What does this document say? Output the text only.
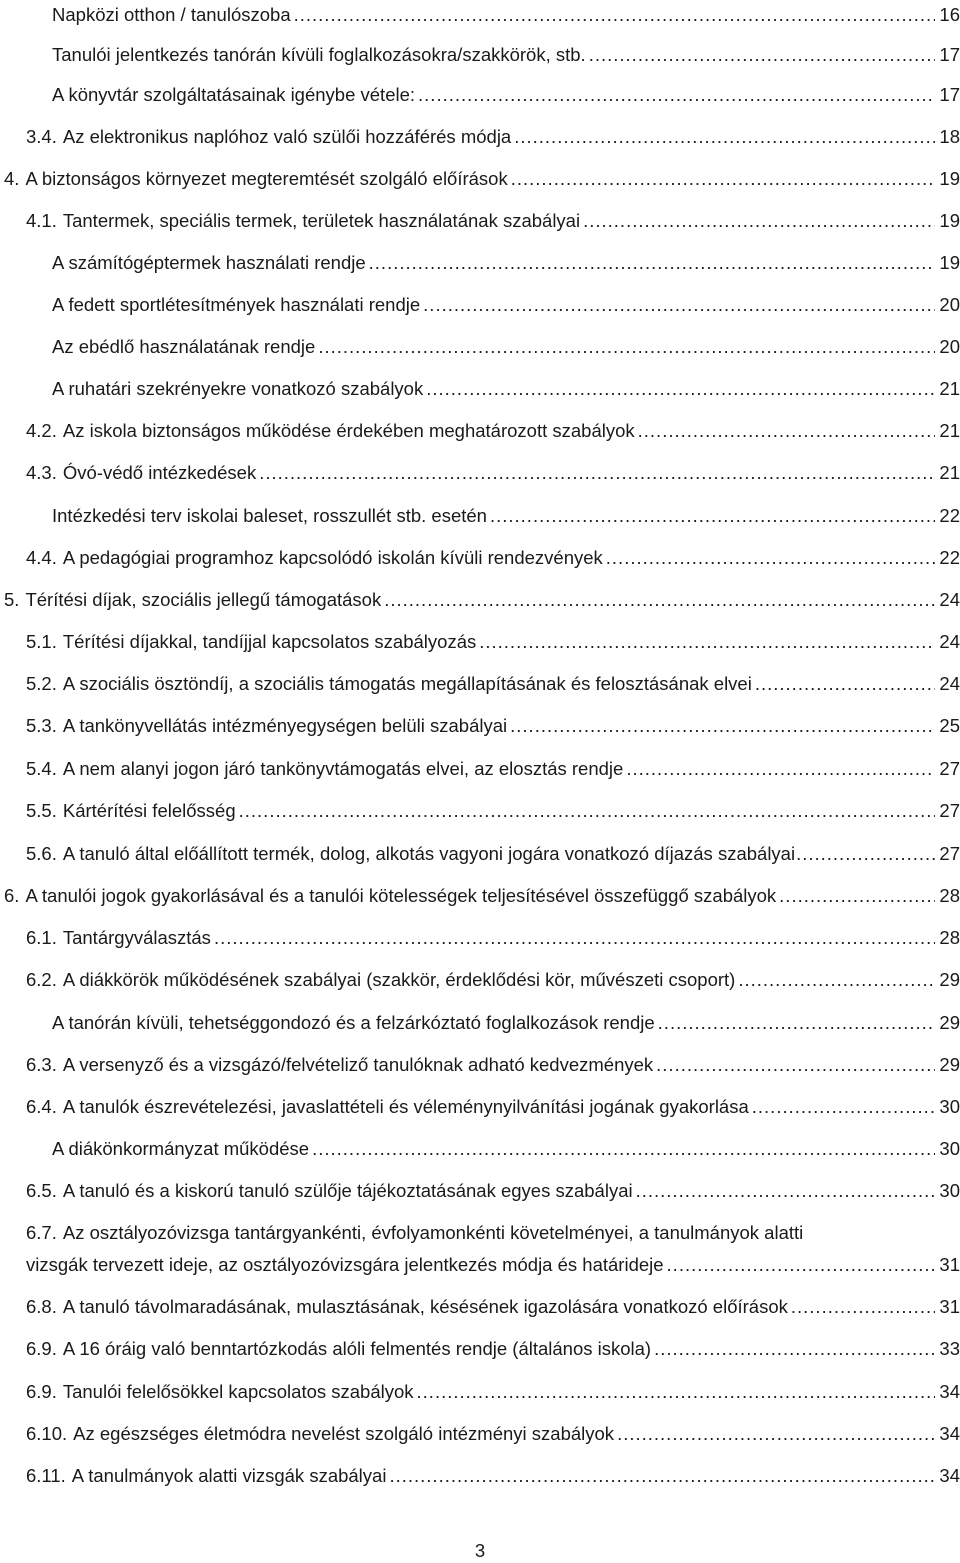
Napközi otthon / tanulószoba .....	16
Tanulói jelentkezés tanórán kívüli foglalkozásokra/szakkörök, stb. .....	17
A könyvtár szolgáltatásainak igénybe vétele: .....	17
3.4. Az elektronikus naplóhoz való szülői hozzáférés módja .....	18
4. A biztonságos környezet megteremtését szolgáló előírások .....	19
4.1. Tantermek, speciális termek, területek használatának szabályai .....	19
A számítógéptermek használati rendje .....	19
A fedett sportlétesítmények használati rendje .....	20
Az ebédlő használatának rendje .....	20
A ruhatári szekrényekre vonatkozó szabályok .....	21
4.2. Az iskola biztonságos működése érdekében meghatározott szabályok .....	21
4.3. Óvó-védő intézkedések .....	21
Intézkedési terv iskolai baleset, rosszullét stb. esetén .....	22
4.4. A pedagógiai programhoz kapcsolódó iskolán kívüli rendezvények .....	22
5. Térítési díjak, szociális jellegű támogatások .....	24
5.1. Térítési díjakkal, tandíjjal kapcsolatos szabályozás .....	24
5.2. A szociális ösztöndíj, a szociális támogatás megállapításának és felosztásának elvei .....	24
5.3. A tankönyvellátás intézményegységen belüli szabályai .....	25
5.4. A nem alanyi jogon járó tankönyvtámogatás elvei, az elosztás rendje .....	27
5.5. Kártérítési felelősség .....	27
5.6. A tanuló által előállított termék, dolog, alkotás vagyoni jogára vonatkozó díjazás szabályai .....	27
6. A tanulói jogok gyakorlásával és a tanulói kötelességek teljesítésével összefüggő szabályok .....	28
6.1. Tantárgyválasztás .....	28
6.2. A diákkörök működésének szabályai (szakkör, érdeklődési kör, művészeti csoport) .....	29
A tanórán kívüli, tehetséggondozó és a felzárkóztató foglalkozások rendje .....	29
6.3. A versenyző és a vizsgázó/felvételiző tanulóknak adható kedvezmények .....	29
6.4. A tanulók észrevételezési, javaslattételi és véleménynyilvánítási jogának gyakorlása .....	30
A diákönkormányzat működése .....	30
6.5. A tanuló és a kiskorú tanuló szülője tájékoztatásának egyes szabályai .....	30
6.7. Az osztályozóvizsga tantárgyankénti, évfolyamonkénti követelményei, a tanulmányok alatti
vizsgák tervezett ideje, az osztályozóvizsgára jelentkezés módja és határideje .....	31
6.8. A tanuló távolmaradásának, mulasztásának, késésének igazolására vonatkozó előírások .....	31
6.9. A 16 óráig való benntartózkodás alóli felmentés rendje (általános iskola) .....	33
6.9. Tanulói felelősökkel kapcsolatos szabályok .....	34
6.10. Az egészséges életmódra nevelést szolgáló intézményi szabályok .....	34
6.11. A tanulmányok alatti vizsgák szabályai .....	34
3
